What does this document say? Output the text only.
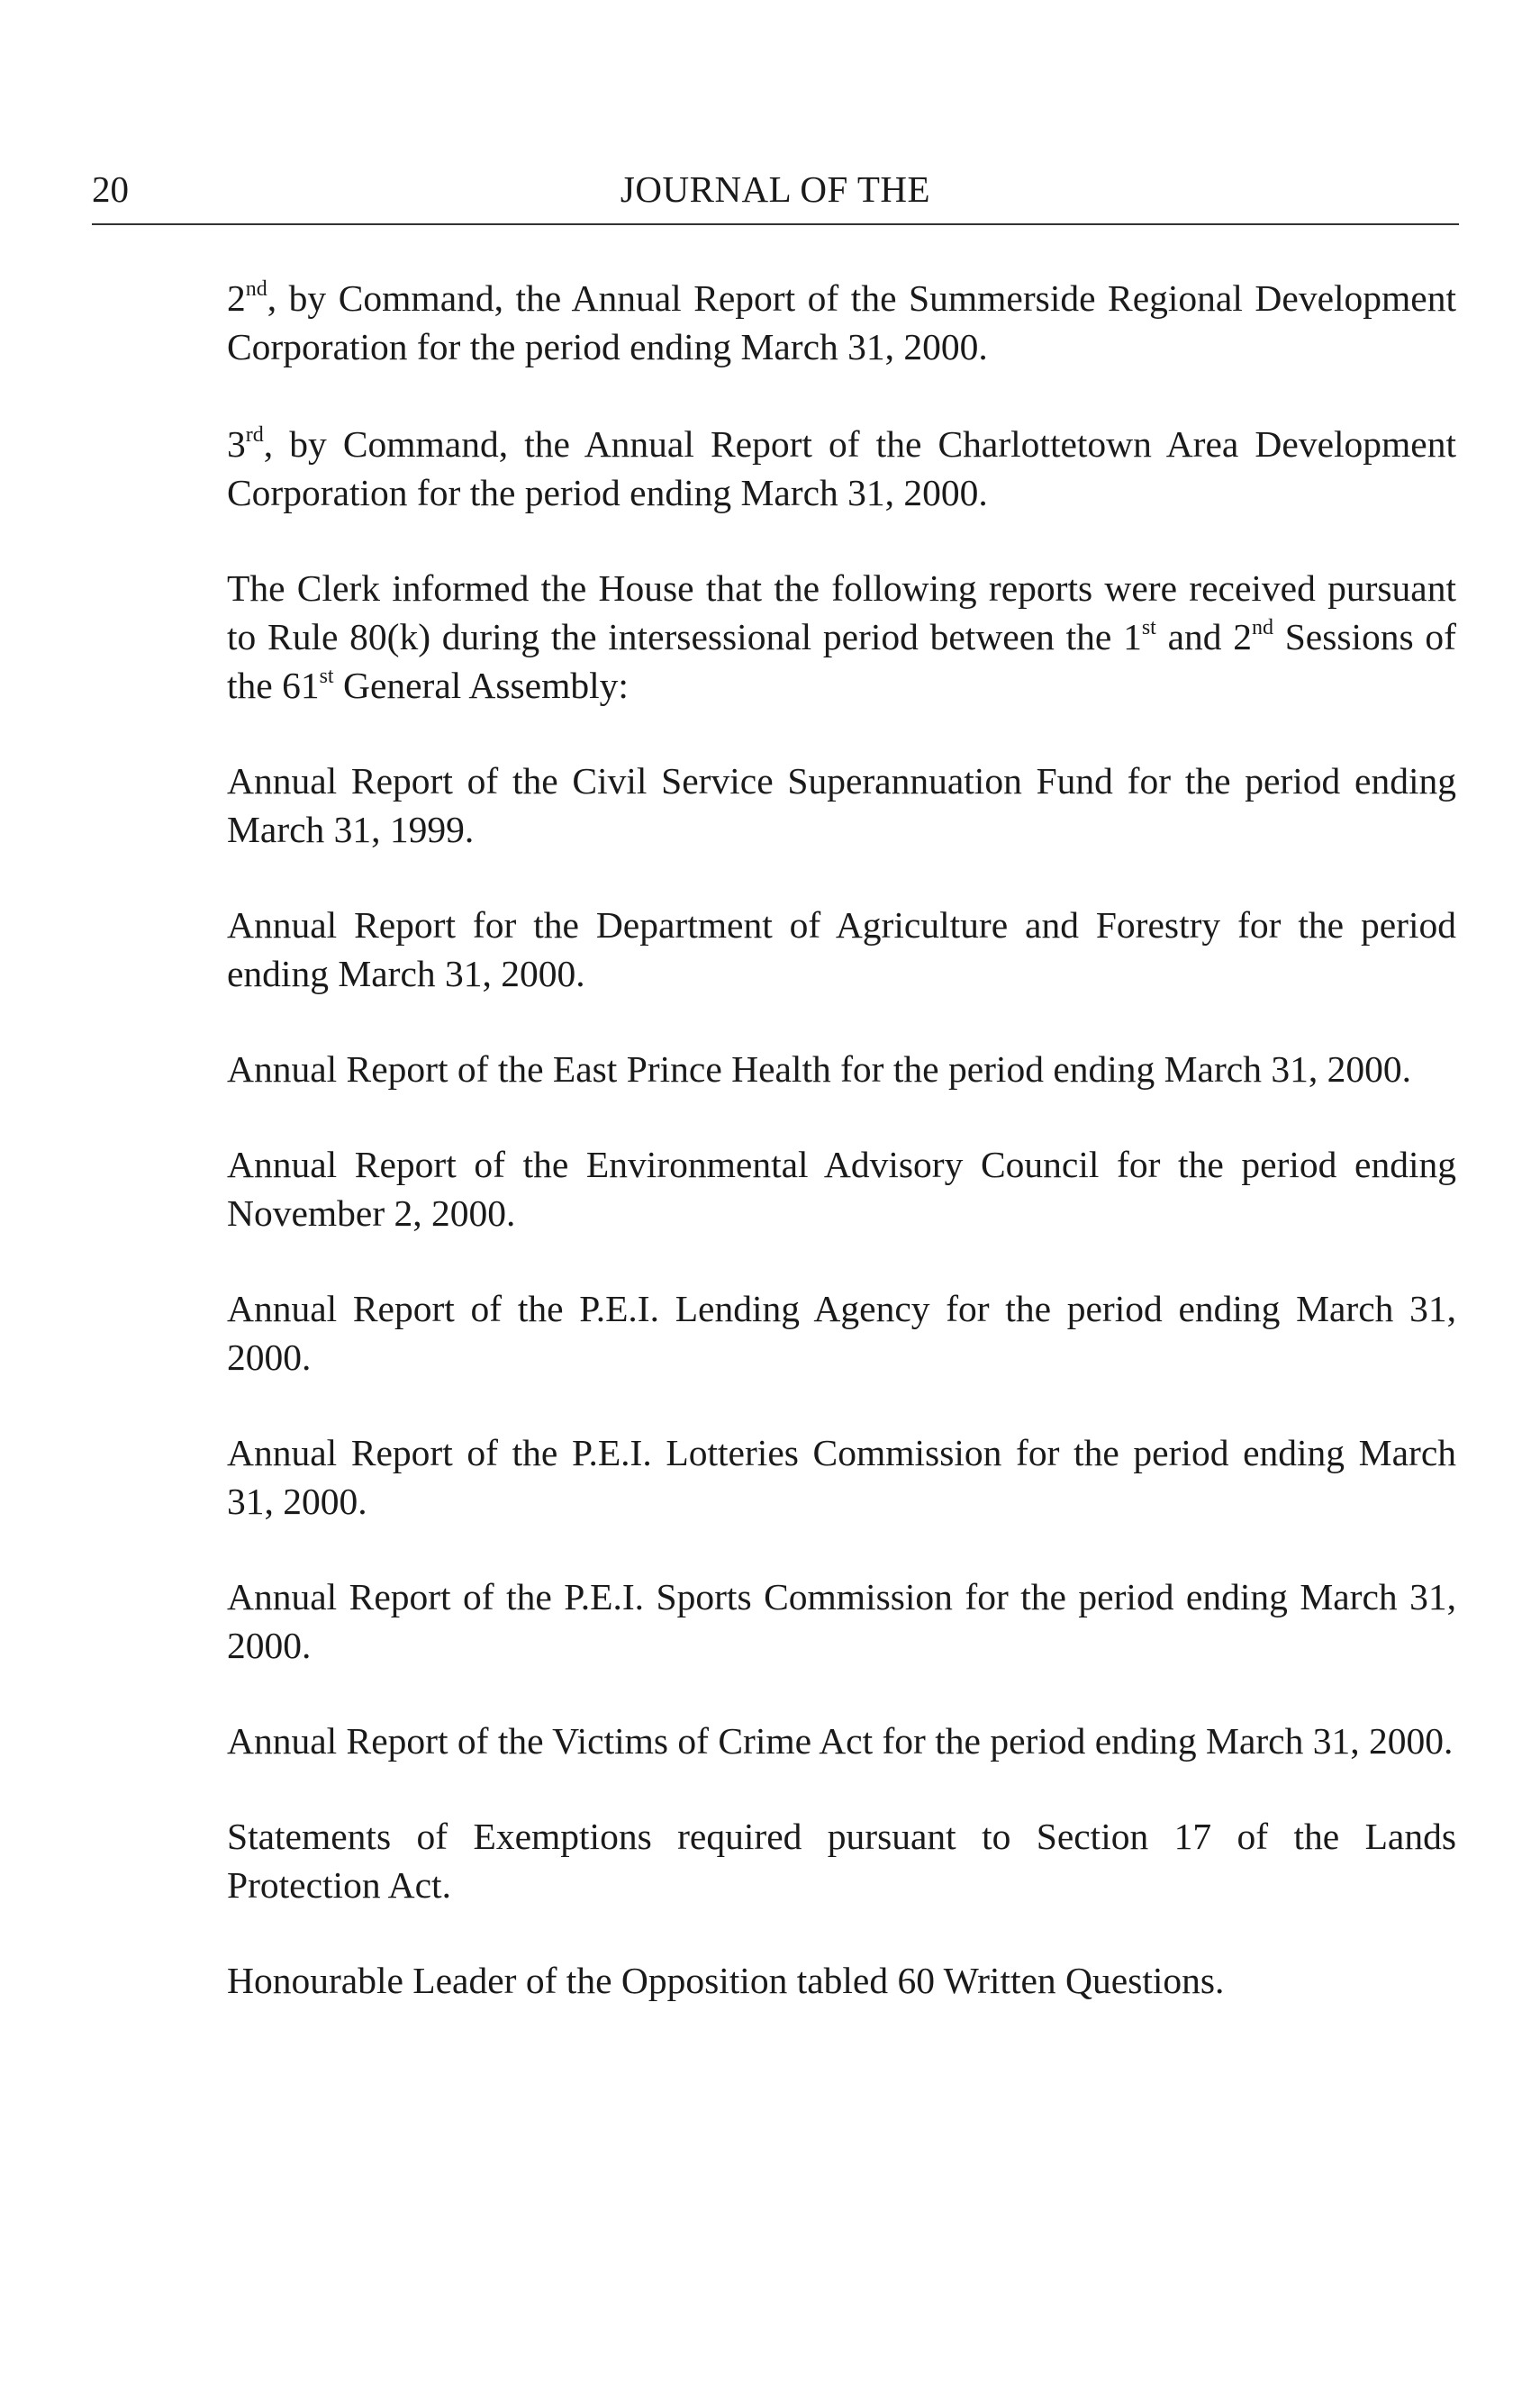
20	JOURNAL OF THE

2nd, by Command, the Annual Report of the Summerside Regional Development Corporation for the period ending March 31, 2000.

3rd, by Command, the Annual Report of the Charlottetown Area Development Corporation for the period ending March 31, 2000.

The Clerk informed the House that the following reports were received pursuant to Rule 80(k) during the intersessional period between the 1st and 2nd Sessions of the 61st General Assembly:

Annual Report of the Civil Service Superannuation Fund for the period ending March 31, 1999.

Annual Report for the Department of Agriculture and Forestry for the period ending March 31, 2000.

Annual Report of the East Prince Health for the period ending March 31, 2000.

Annual Report of the Environmental Advisory Council for the period ending November 2, 2000.

Annual Report of the P.E.I. Lending Agency for the period ending March 31, 2000.

Annual Report of the P.E.I. Lotteries Commission for the period ending March 31, 2000.

Annual Report of the P.E.I. Sports Commission for the period ending March 31, 2000.

Annual Report of the Victims of Crime Act for the period ending March 31, 2000.

Statements of Exemptions required pursuant to Section 17 of the Lands Protection Act.

Honourable Leader of the Opposition tabled 60 Written Questions.
